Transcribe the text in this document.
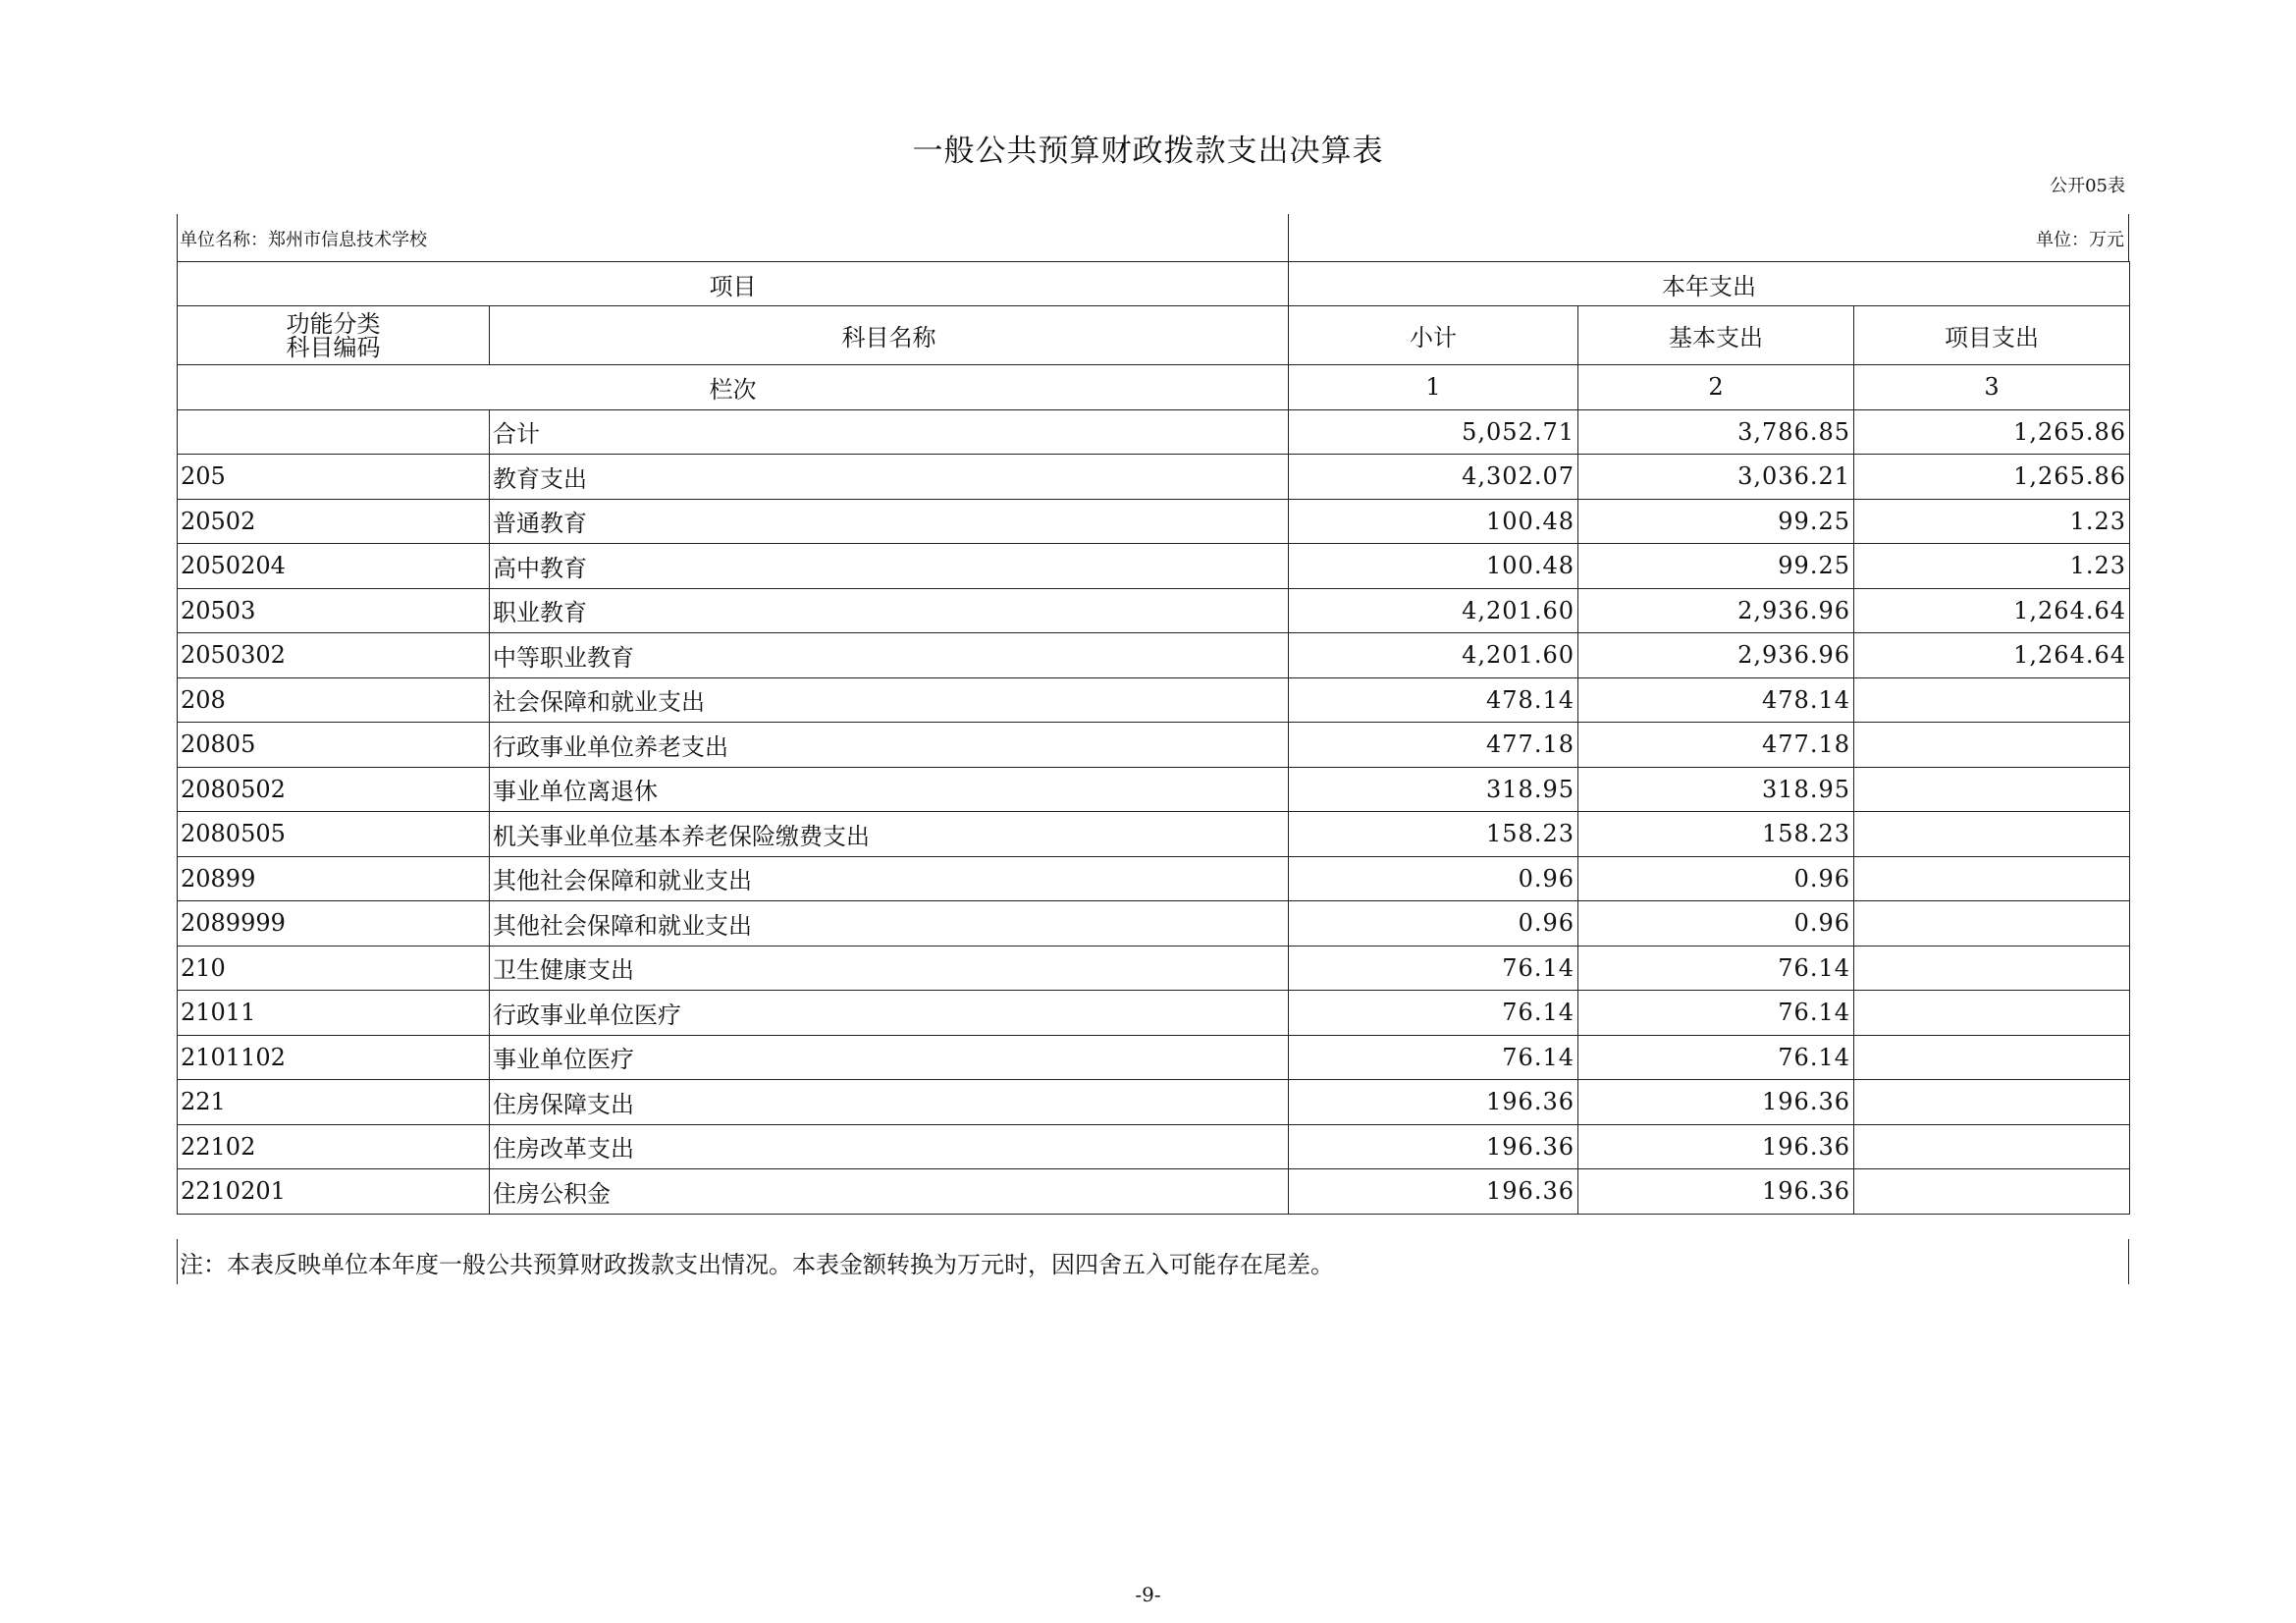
一般公共预算财政拨款支出决算表
公开05表
单位名称：郑州市信息技术学校	单位：万元
项目		本年支出		

功能分类
科目编码	科目名称	小计	基本支出	项目支出
栏次		1	2	3
	合计	5,052.71	3,786.85	1,265.86
205	教育支出	4,302.07	3,036.21	1,265.86
20502	普通教育	100.48	99.25	1.23
2050204	高中教育	100.48	99.25	1.23
20503	职业教育	4,201.60	2,936.96	1,264.64
2050302	中等职业教育	4,201.60	2,936.96	1,264.64
208	社会保障和就业支出	478.14	478.14	
20805	行政事业单位养老支出	477.18	477.18	
2080502	事业单位离退休	318.95	318.95	
2080505	机关事业单位基本养老保险缴费支出	158.23	158.23	
20899	其他社会保障和就业支出	0.96	0.96	
2089999	其他社会保障和就业支出	0.96	0.96	
210	卫生健康支出	76.14	76.14	
21011	行政事业单位医疗	76.14	76.14	
2101102	事业单位医疗	76.14	76.14	
221	住房保障支出	196.36	196.36	
22102	住房改革支出	196.36	196.36	
2210201	住房公积金	196.36	196.36	
注：本表反映单位本年度一般公共预算财政拨款支出情况。本表金额转换为万元时，因四舍五入可能存在尾差。
-9-
